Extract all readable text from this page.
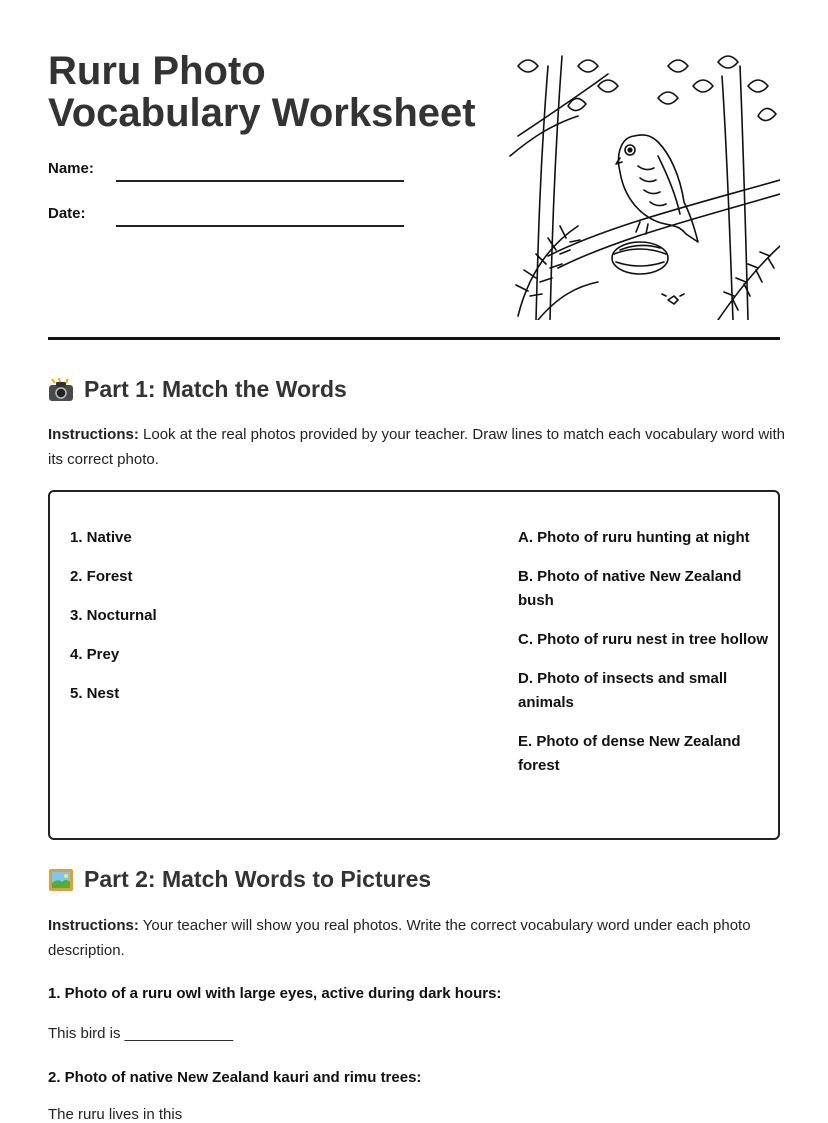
Ruru Photo Vocabulary Worksheet
Name:
Date:
Part 1: Match the Words
Instructions: Look at the real photos provided by your teacher. Draw lines to match each vocabulary word with its correct photo.
1. Native
2. Forest
3. Nocturnal
4. Prey
5. Nest
A. Photo of ruru hunting at night
B. Photo of native New Zealand bush
C. Photo of ruru nest in tree hollow
D. Photo of insects and small animals
E. Photo of dense New Zealand forest
Part 2: Match Words to Pictures
Instructions: Your teacher will show you real photos. Write the correct vocabulary word under each photo description.
1. Photo of a ruru owl with large eyes, active during dark hours:
This bird is _____________
2. Photo of native New Zealand kauri and rimu trees:
The ruru lives in this
